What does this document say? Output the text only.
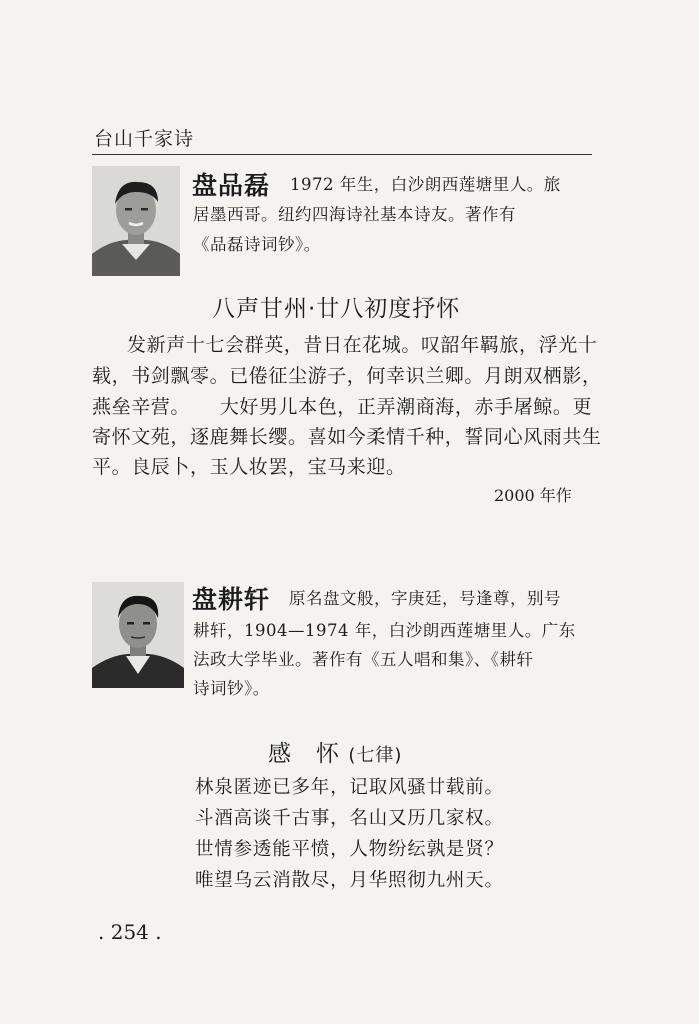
台山千家诗
盘品磊 1972 年生，白沙朗西莲塘里人。旅
居墨西哥。纽约四海诗社基本诗友。著作有
《品磊诗词钞》。
八声甘州·廿八初度抒怀
发新声十七会群英，昔日在花城。叹韶年羁旅，浮光十
载，书剑飘零。已倦征尘游子，何幸识兰卿。月朗双栖影，
燕垒辛营。　　大好男儿本色，正弄潮商海，赤手屠鲸。更
寄怀文苑，逐鹿舞长缨。喜如今柔情千种，誓同心风雨共生
平。良辰卜，玉人妆罢，宝马来迎。
2000 年作
盘耕轩 原名盘文般，字庚廷，号逢尊，别号
耕轩，1904—1974 年，白沙朗西莲塘里人。广东
法政大学毕业。著作有《五人唱和集》、《耕轩
诗词钞》。
感　怀 (七律)
林泉匿迹已多年，记取风骚廿载前。
斗酒高谈千古事，名山又历几家权。
世情参透能平愤，人物纷纭孰是贤？
唯望乌云消散尽，月华照彻九州天。
. 254 .
